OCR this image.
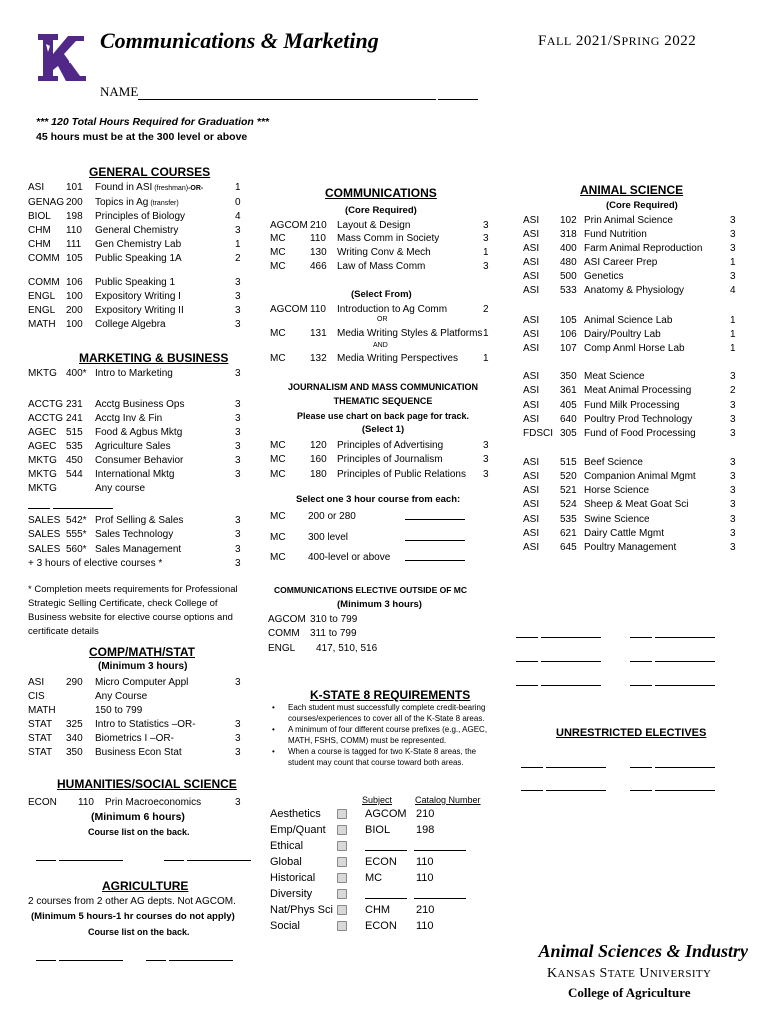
Communications & Marketing	FALL 2021/SPRING 2022
NAME
*** 120 Total Hours Required for Graduation ***
45 hours must be at the 300 level or above
GENERAL COURSES
ASI 101 Found in ASI (freshman)-OR-	1
GENAG 200 Topics in Ag (transfer)	0
BIOL 198 Principles of Biology	4
CHM 110 General Chemistry	3
CHM 111 Gen Chemistry Lab	1
COMM 105 Public Speaking 1A	2
COMM 106 Public Speaking 1	3
ENGL 100 Expository Writing I	3
ENGL 200 Expository Writing II	3
MATH 100 College Algebra	3
MARKETING & BUSINESS
MKTG 400* Intro to Marketing	3
ACCTG 231 Acctg Business Ops	3
ACCTG 241 Acctg Inv & Fin	3
AGEC 515 Food & Agbus Mktg	3
AGEC 535 Agriculture Sales	3
MKTG 450 Consumer Behavior	3
MKTG 544 International Mktg	3
MKTG	Any course

SALES 542* Prof Selling & Sales	3
SALES 555* Sales Technology	3
SALES 560* Sales Management	3
+ 3 hours of elective courses *	3
* Completion meets requirements for Professional Strategic Selling Certificate, check College of Business website for elective course options and certificate details
COMP/MATH/STAT
(Minimum 3 hours)
ASI 290 Micro Computer Appl	3
CIS	Any Course
MATH	150 to 799
STAT 325 Intro to Statistics –OR-	3
STAT 340 Biometrics I –OR-	3
STAT 350 Business Econ Stat	3
HUMANITIES/SOCIAL SCIENCE
ECON 110 Prin Macroeconomics	3
(Minimum 6 hours)
Course list on the back.

AGRICULTURE
2 courses from 2 other AG depts. Not AGCOM.
(Minimum 5 hours-1 hr courses do not apply)
Course list on the back.

COMMUNICATIONS
(Core Required)
AGCOM 210 Layout & Design	3
MC 110 Mass Comm in Society	3
MC 130 Writing Conv & Mech	1
MC 466 Law of Mass Comm	3
AGCOM 110 Introduction to Ag Comm	2
MC 131 Media Writing Styles & Platforms 1
MC 132 Media Writing Perspectives	1
(Select From)
OR
AND
JOURNALISM AND MASS COMMUNICATION
THEMATIC SEQUENCE
Please use chart on back page for track.
(Select 1)
MC 120 Principles of Advertising	3
MC 160 Principles of Journalism	3
MC 180 Principles of Public Relations 3
Select one 3 hour course from each:
MC 200 or 280
MC 300 level
MC 400-level or above
COMMUNICATIONS ELECTIVE OUTSIDE OF MC
(Minimum 3 hours)
AGCOM 310 to 799
COMM 311 to 799
ENGL 417, 510, 516
K-STATE 8 REQUIREMENTS
• Each student must successfully complete credit-bearing courses/experiences to cover all of the K-State 8 areas.
• A minimum of four different course prefixes (e.g., AGEC, MATH, FSHS, COMM) must be represented.
• When a course is tagged for two K-State 8 areas, the student may count that course toward both areas.
Subject	Catalog Number
Aesthetics	AGCOM 210
Emp/Quant	BIOL 198
Ethical

Global	ECON 110
Historical	MC	110
Diversity

Nat/Phys Sci	CHM 210
Social	ECON 110
ANIMAL SCIENCE
(Core Required)
ASI 102 Prin Animal Science	3
ASI 318 Fund Nutrition	3
ASI 400 Farm Animal Reproduction	3
ASI 480 ASI Career Prep	1
ASI 500 Genetics	3
ASI 533 Anatomy & Physiology	4
ASI 105 Animal Science Lab	1
ASI 106 Dairy/Poultry Lab	1
ASI 107 Comp Anml Horse Lab	1
ASI 350 Meat Science	3
ASI 361 Meat Animal Processing	2
ASI 405 Fund Milk Processing	3
ASI 640 Poultry Prod Technology	3
FDSCI 305 Fund of Food Processing	3
ASI 515 Beef Science	3
ASI 520 Companion Animal Mgmt	3
ASI 521 Horse Science	3
ASI 524 Sheep & Meat Goat Sci	3
ASI 535 Swine Science	3
ASI 621 Dairy Cattle Mgmt	3
ASI 645 Poultry Management	3

UNRESTRICTED ELECTIVES

Animal Sciences & Industry
KANSAS STATE UNIVERSITY
College of Agriculture
